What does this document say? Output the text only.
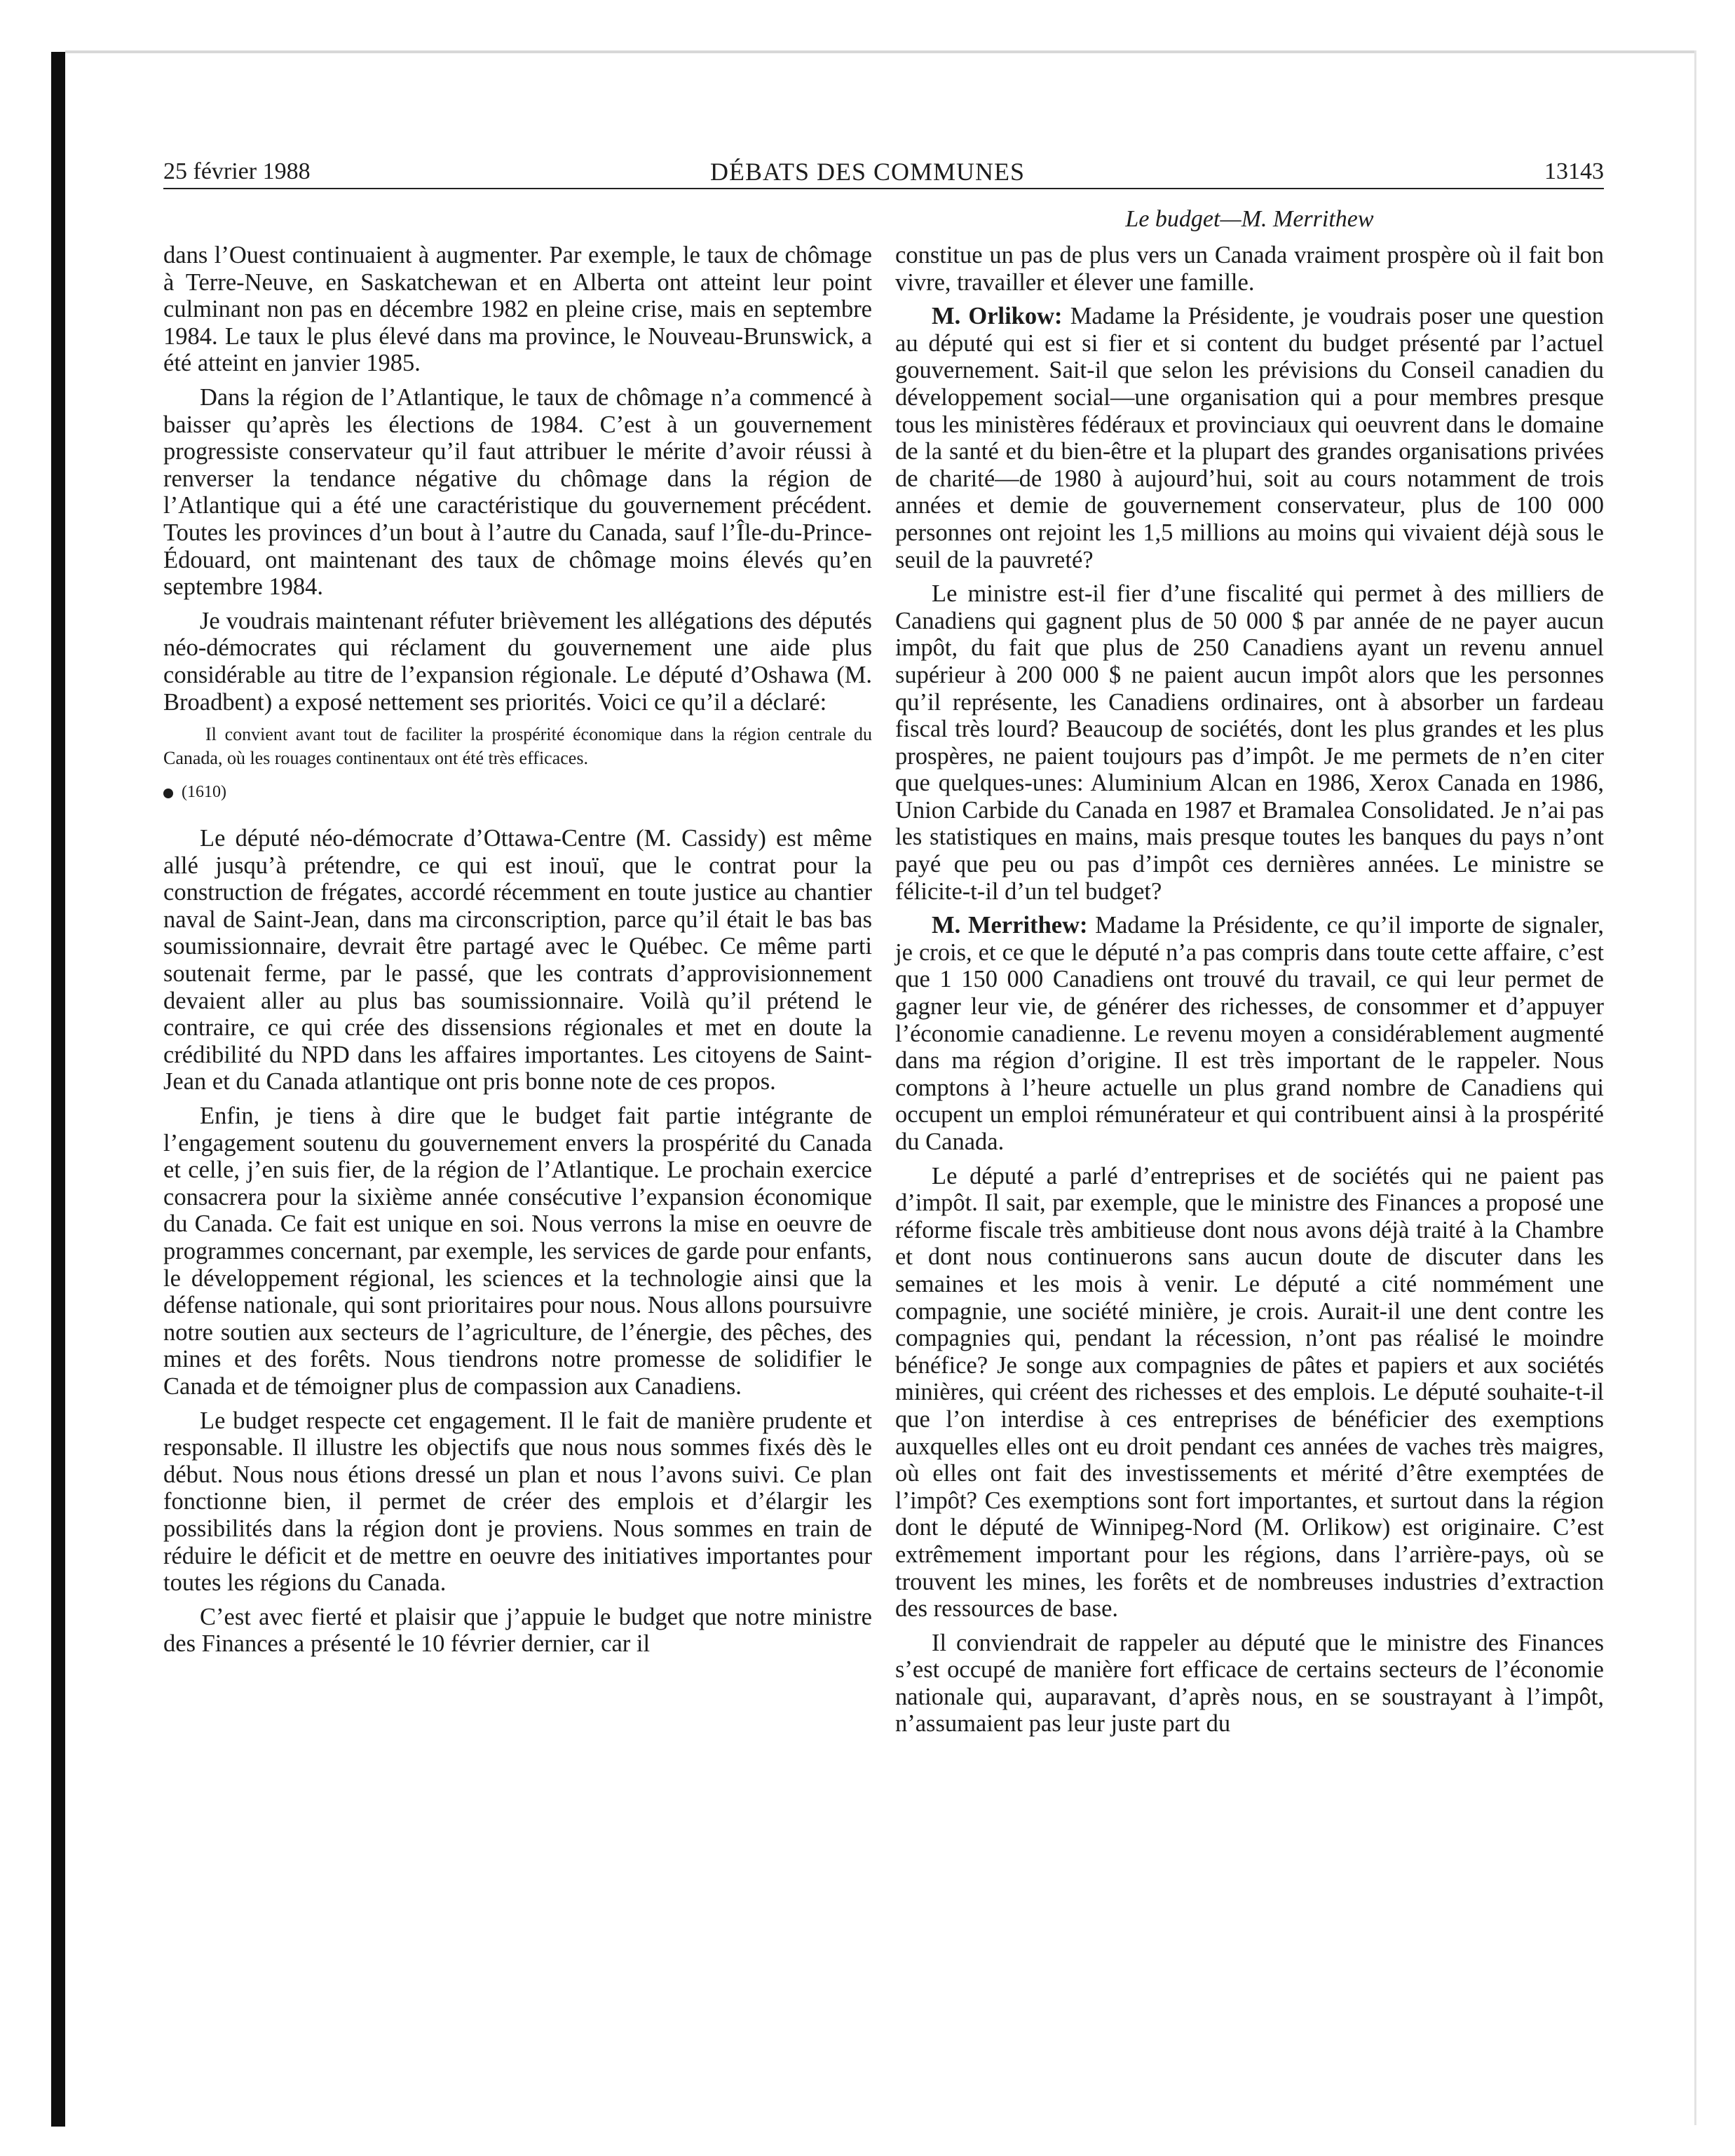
25 février 1988	DÉBATS DES COMMUNES	13143
Le budget—M. Merrithew

dans l’Ouest continuaient à augmenter. Par exemple, le taux de chômage à Terre-Neuve, en Saskatchewan et en Alberta ont atteint leur point culminant non pas en décembre 1982 en pleine crise, mais en septembre 1984. Le taux le plus élevé dans ma province, le Nouveau-Brunswick, a été atteint en janvier 1985.

Dans la région de l’Atlantique, le taux de chômage n’a commencé à baisser qu’après les élections de 1984. C’est à un gouvernement progressiste conservateur qu’il faut attribuer le mérite d’avoir réussi à renverser la tendance négative du chômage dans la région de l’Atlantique qui a été une caractéristique du gouvernement précédent. Toutes les provinces d’un bout à l’autre du Canada, sauf l’Île-du-Prince-Édouard, ont maintenant des taux de chômage moins élevés qu’en septembre 1984.

Je voudrais maintenant réfuter brièvement les allégations des députés néo-démocrates qui réclament du gouvernement une aide plus considérable au titre de l’expansion régionale. Le député d’Oshawa (M. Broadbent) a exposé nettement ses priorités. Voici ce qu’il a déclaré:

Il convient avant tout de faciliter la prospérité économique dans la région centrale du Canada, où les rouages continentaux ont été très efficaces.
(1610)

Le député néo-démocrate d’Ottawa-Centre (M. Cassidy) est même allé jusqu’à prétendre, ce qui est inouï, que le contrat pour la construction de frégates, accordé récemment en toute justice au chantier naval de Saint-Jean, dans ma circonscription, parce qu’il était le bas bas soumissionnaire, devrait être partagé avec le Québec. Ce même parti soutenait ferme, par le passé, que les contrats d’approvisionnement devaient aller au plus bas soumissionnaire. Voilà qu’il prétend le contraire, ce qui crée des dissensions régionales et met en doute la crédibilité du NPD dans les affaires importantes. Les citoyens de Saint-Jean et du Canada atlantique ont pris bonne note de ces propos.

Enfin, je tiens à dire que le budget fait partie intégrante de l’engagement soutenu du gouvernement envers la prospérité du Canada et celle, j’en suis fier, de la région de l’Atlantique. Le prochain exercice consacrera pour la sixième année consécutive l’expansion économique du Canada. Ce fait est unique en soi. Nous verrons la mise en oeuvre de programmes concernant, par exemple, les services de garde pour enfants, le développement régional, les sciences et la technologie ainsi que la défense nationale, qui sont prioritaires pour nous. Nous allons poursuivre notre soutien aux secteurs de l’agriculture, de l’énergie, des pêches, des mines et des forêts. Nous tiendrons notre promesse de solidifier le Canada et de témoigner plus de compassion aux Canadiens.

Le budget respecte cet engagement. Il le fait de manière prudente et responsable. Il illustre les objectifs que nous nous sommes fixés dès le début. Nous nous étions dressé un plan et nous l’avons suivi. Ce plan fonctionne bien, il permet de créer des emplois et d’élargir les possibilités dans la région dont je proviens. Nous sommes en train de réduire le déficit et de mettre en oeuvre des initiatives importantes pour toutes les régions du Canada.

C’est avec fierté et plaisir que j’appuie le budget que notre ministre des Finances a présenté le 10 février dernier, car il

constitue un pas de plus vers un Canada vraiment prospère où il fait bon vivre, travailler et élever une famille.

M. Orlikow: Madame la Présidente, je voudrais poser une question au député qui est si fier et si content du budget présenté par l’actuel gouvernement. Sait-il que selon les prévisions du Conseil canadien du développement social—une organisation qui a pour membres presque tous les ministères fédéraux et provinciaux qui oeuvrent dans le domaine de la santé et du bien-être et la plupart des grandes organisations privées de charité—de 1980 à aujourd’hui, soit au cours notamment de trois années et demie de gouvernement conservateur, plus de 100 000 personnes ont rejoint les 1,5 millions au moins qui vivaient déjà sous le seuil de la pauvreté?

Le ministre est-il fier d’une fiscalité qui permet à des milliers de Canadiens qui gagnent plus de 50 000 $ par année de ne payer aucun impôt, du fait que plus de 250 Canadiens ayant un revenu annuel supérieur à 200 000 $ ne paient aucun impôt alors que les personnes qu’il représente, les Canadiens ordinaires, ont à absorber un fardeau fiscal très lourd? Beaucoup de sociétés, dont les plus grandes et les plus prospères, ne paient toujours pas d’impôt. Je me permets de n’en citer que quelques-unes: Aluminium Alcan en 1986, Xerox Canada en 1986, Union Carbide du Canada en 1987 et Bramalea Consolidated. Je n’ai pas les statistiques en mains, mais presque toutes les banques du pays n’ont payé que peu ou pas d’impôt ces dernières années. Le ministre se félicite-t-il d’un tel budget?

M. Merrithew: Madame la Présidente, ce qu’il importe de signaler, je crois, et ce que le député n’a pas compris dans toute cette affaire, c’est que 1 150 000 Canadiens ont trouvé du travail, ce qui leur permet de gagner leur vie, de générer des richesses, de consommer et d’appuyer l’économie canadienne. Le revenu moyen a considérablement augmenté dans ma région d’origine. Il est très important de le rappeler. Nous comptons à l’heure actuelle un plus grand nombre de Canadiens qui occupent un emploi rémunérateur et qui contribuent ainsi à la prospérité du Canada.

Le député a parlé d’entreprises et de sociétés qui ne paient pas d’impôt. Il sait, par exemple, que le ministre des Finances a proposé une réforme fiscale très ambitieuse dont nous avons déjà traité à la Chambre et dont nous continuerons sans aucun doute de discuter dans les semaines et les mois à venir. Le député a cité nommément une compagnie, une société minière, je crois. Aurait-il une dent contre les compagnies qui, pendant la récession, n’ont pas réalisé le moindre bénéfice? Je songe aux compagnies de pâtes et papiers et aux sociétés minières, qui créent des richesses et des emplois. Le député souhaite-t-il que l’on interdise à ces entreprises de bénéficier des exemptions auxquelles elles ont eu droit pendant ces années de vaches très maigres, où elles ont fait des investissements et mérité d’être exemptées de l’impôt? Ces exemptions sont fort importantes, et surtout dans la région dont le député de Winnipeg-Nord (M. Orlikow) est originaire. C’est extrêmement important pour les régions, dans l’arrière-pays, où se trouvent les mines, les forêts et de nombreuses industries d’extraction des ressources de base.

Il conviendrait de rappeler au député que le ministre des Finances s’est occupé de manière fort efficace de certains secteurs de l’économie nationale qui, auparavant, d’après nous, en se soustrayant à l’impôt, n’assumaient pas leur juste part du
